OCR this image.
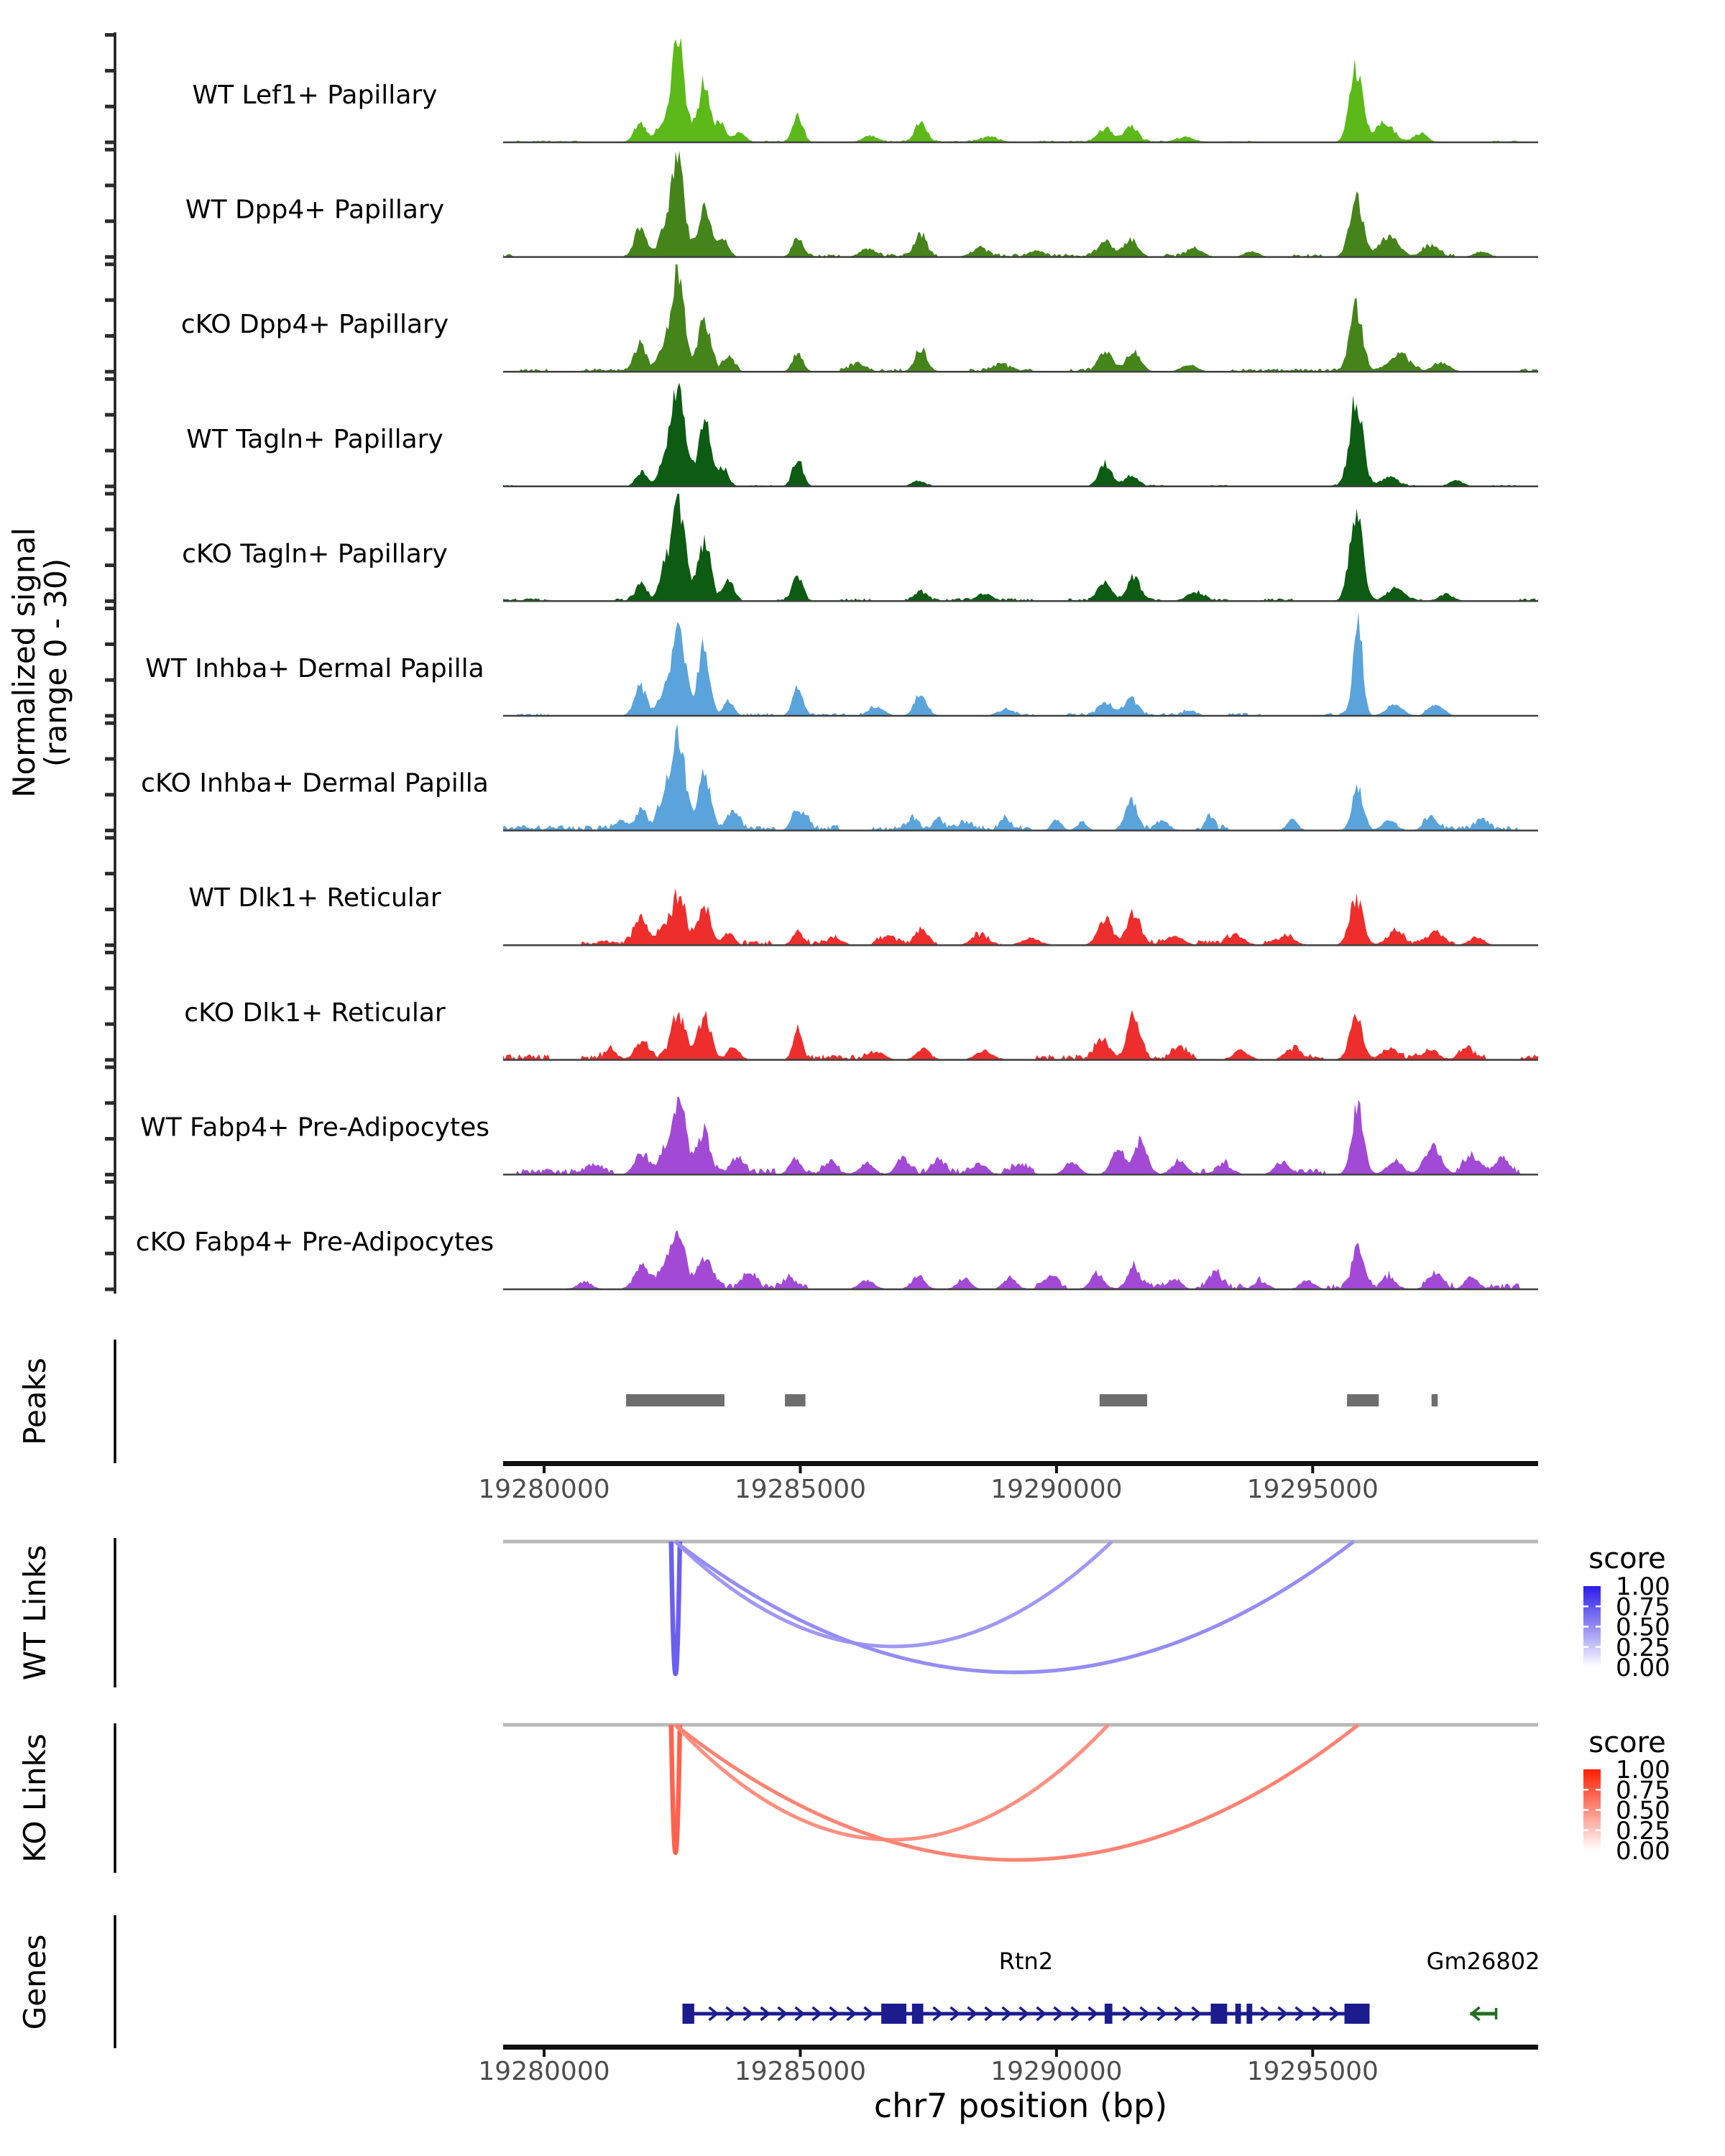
Normalized signal
(range 0 - 30)
Peaks
WT Links
KO Links
Genes
score
score
chr7 position (bp)
WT Lef1+ Papillary
WT Dpp4+ Papillary
cKO Dpp4+ Papillary
WT Tagln+ Papillary
cKO Tagln+ Papillary
WT Inhba+ Dermal Papilla
cKO Inhba+ Dermal Papilla
WT Dlk1+ Reticular
cKO Dlk1+ Reticular
WT Fabp4+ Pre-Adipocytes
cKO Fabp4+ Pre-Adipocytes
19280000	19285000	19290000	19295000
1.00
0.75
0.50
0.25
0.00
1.00
0.75
0.50
0.25
0.00
Rtn2	Gm26802
19280000	19285000	19290000	19295000
